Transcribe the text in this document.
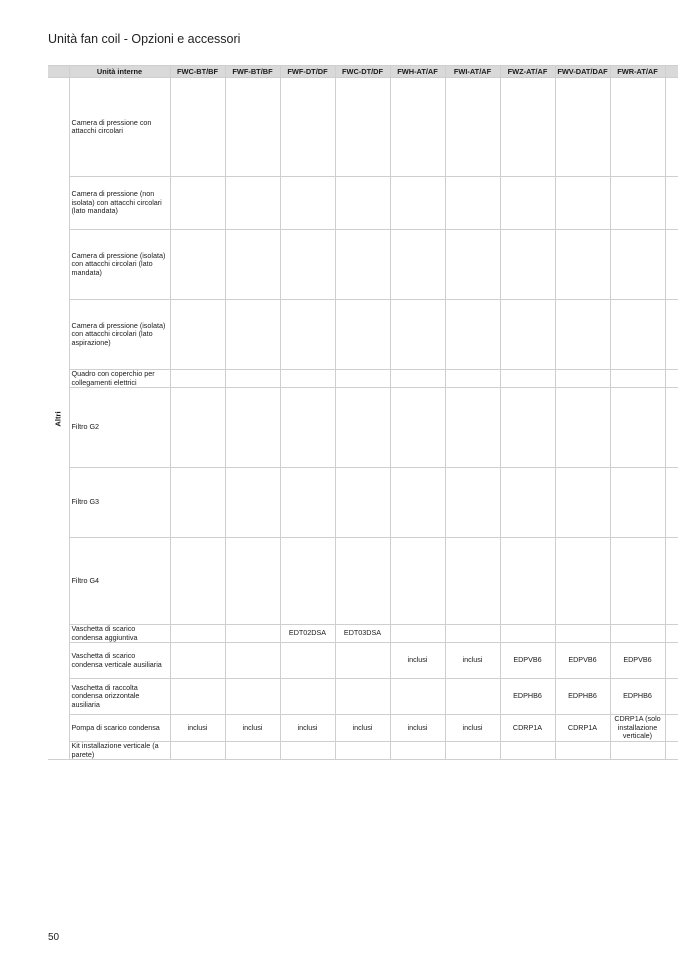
Unità fan coil - Opzioni e accessori
	Unità interne	FWC-BT/BF	FWF-BT/BF	FWF-DT/DF	FWC-DT/DF	FWH-AT/AF	FWI-AT/AF	FWZ-AT/AF	FWV-DAT/DAF	FWR-AT/AF	

Altri	Camera di pressione con attacchi circolari										
	Camera di pressione (non isolata) con attacchi circolari (lato mandata)										
	Camera di pressione (isolata) con attacchi circolari (lato mandata)										
	Camera di pressione (isolata) con attacchi circolari (lato aspirazione)										
	Quadro con coperchio per collegamenti elettrici										
	Filtro G2										
	Filtro G3										
	Filtro G4										
	Vaschetta di scarico condensa aggiuntiva			EDT02DSA	EDT03DSA						
	Vaschetta di scarico condensa verticale ausiliaria					inclusi	inclusi	EDPVB6	EDPVB6	EDPVB6	
	Vaschetta di raccolta condensa orizzontale ausiliaria							EDPHB6	EDPHB6	EDPHB6	
	Pompa di scarico condensa	inclusi	inclusi	inclusi	inclusi	inclusi	inclusi	CDRP1A	CDRP1A	CDRP1A (solo installazione verticale)	
	Kit installazione verticale (a parete)										
50
